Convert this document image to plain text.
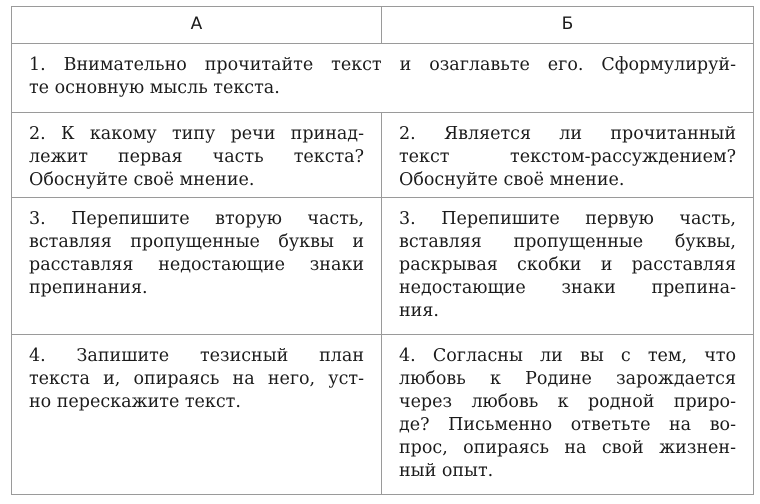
А	Б
1. Внимательно прочитайте текст и озаглавьте его. Сформулируй-
те основную мысль текста.
2. К какому типу речи принад-
лежит первая часть текста?
Обоснуйте своё мнение.
2. Является ли прочитанный
текст текстом-рассуждением?
Обоснуйте своё мнение.
3. Перепишите вторую часть,
вставляя пропущенные буквы и
расставляя недостающие знаки
препинания.
3. Перепишите первую часть,
вставляя пропущенные буквы,
раскрывая скобки и расставляя
недостающие знаки препина-
ния.
4. Запишите тезисный план
текста и, опираясь на него, уст-
но перескажите текст.
4. Согласны ли вы с тем, что
любовь к Родине зарождается
через любовь к родной приро-
де? Письменно ответьте на во-
прос, опираясь на свой жизнен-
ный опыт.
